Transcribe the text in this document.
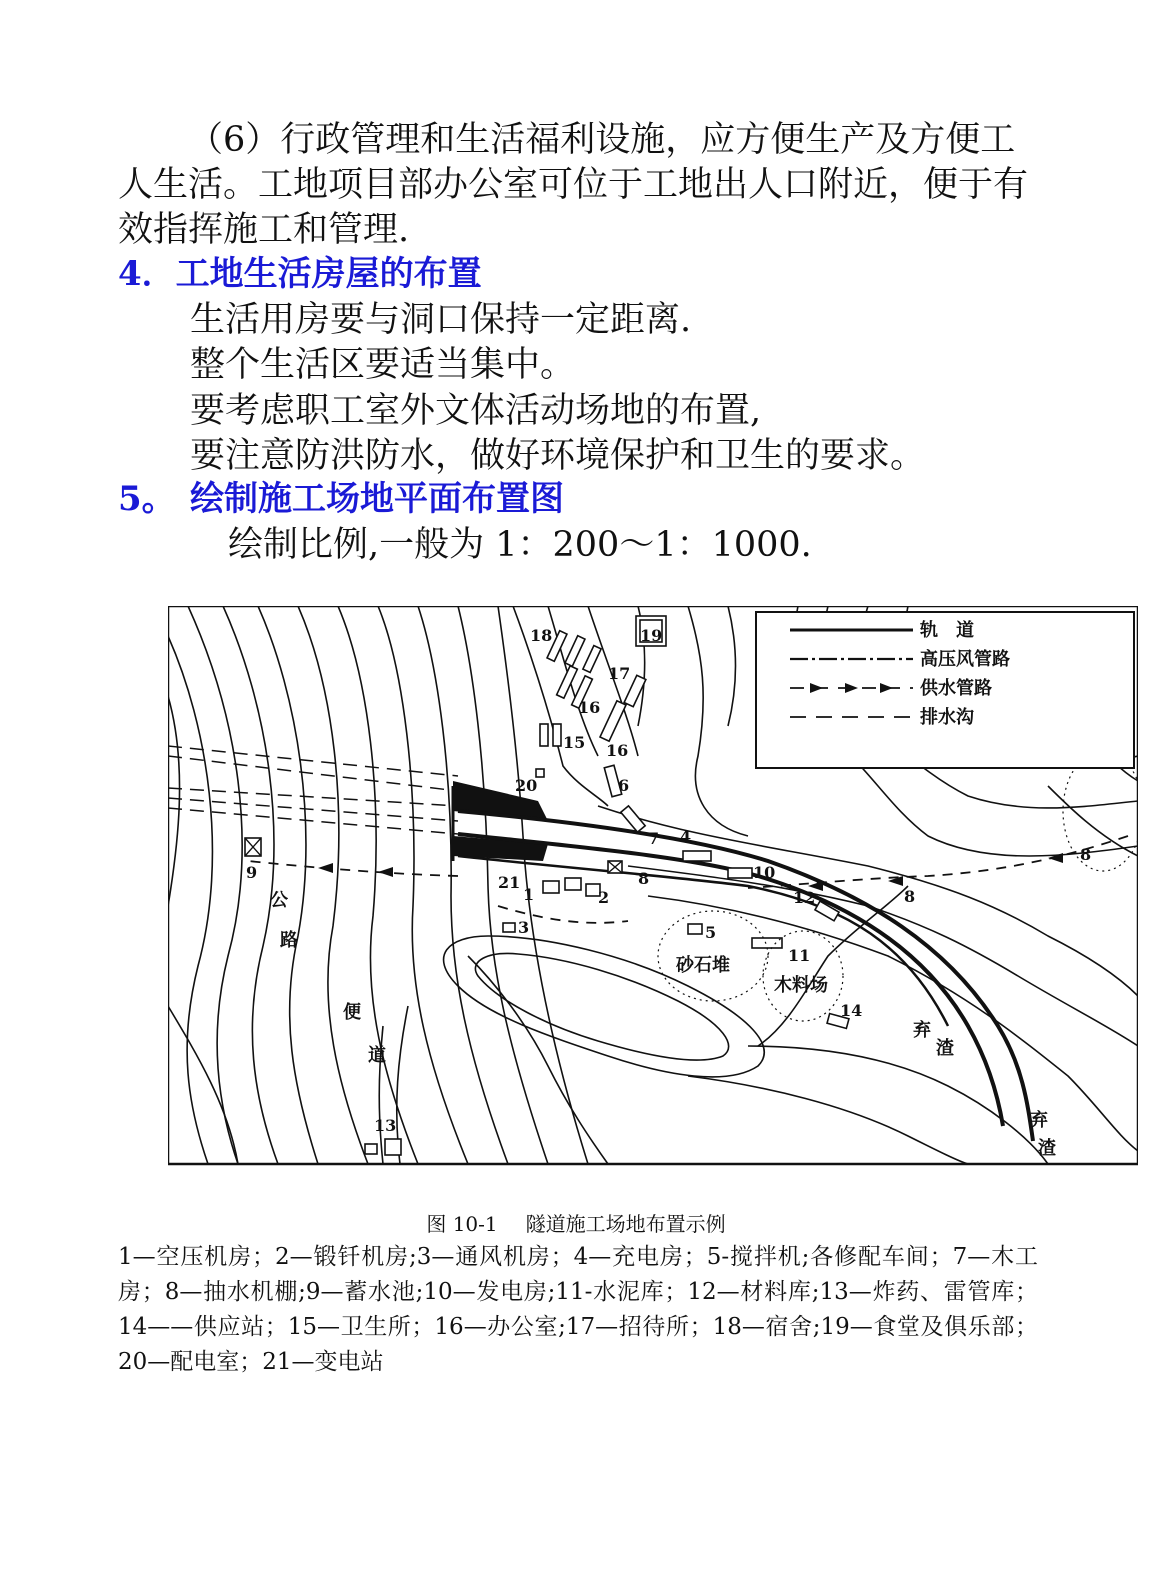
（6）行政管理和生活福利设施，应方便生产及方便工人生活。工地项目部办公室可位于工地出人口附近，便于有效指挥施工和管理.
4．工地生活房屋的布置
生活用房要与洞口保持一定距离.
整个生活区要适当集中。
要考虑职工室外文体活动场地的布置,
要注意防洪防水，做好环境保护和卫生的要求。
5。 绘制施工场地平面布置图
绘制比例,一般为 1：200～1：1000.
1	2
3
4
5
6
7
8
9	10
11
12
13
14
15
16
17
18	19
20
21
8
8
16
公
路
便
道
砂石堆
木料场
弃
渣
弃
渣
轨　道
高压风管路
供水管路
排水沟
图 10-1 隧道施工场地布置示例
1—空压机房；2—锻钎机房;3—通风机房；4—充电房；5-搅拌机;各修配车间；7—木工房；8—抽水机棚;9—蓄水池;10—发电房;11-水泥库；12—材料库;13—炸药、雷管库；14——供应站；15—卫生所；16—办公室;17—招待所；18—宿舍;19—食堂及俱乐部；20—配电室；21—变电站
